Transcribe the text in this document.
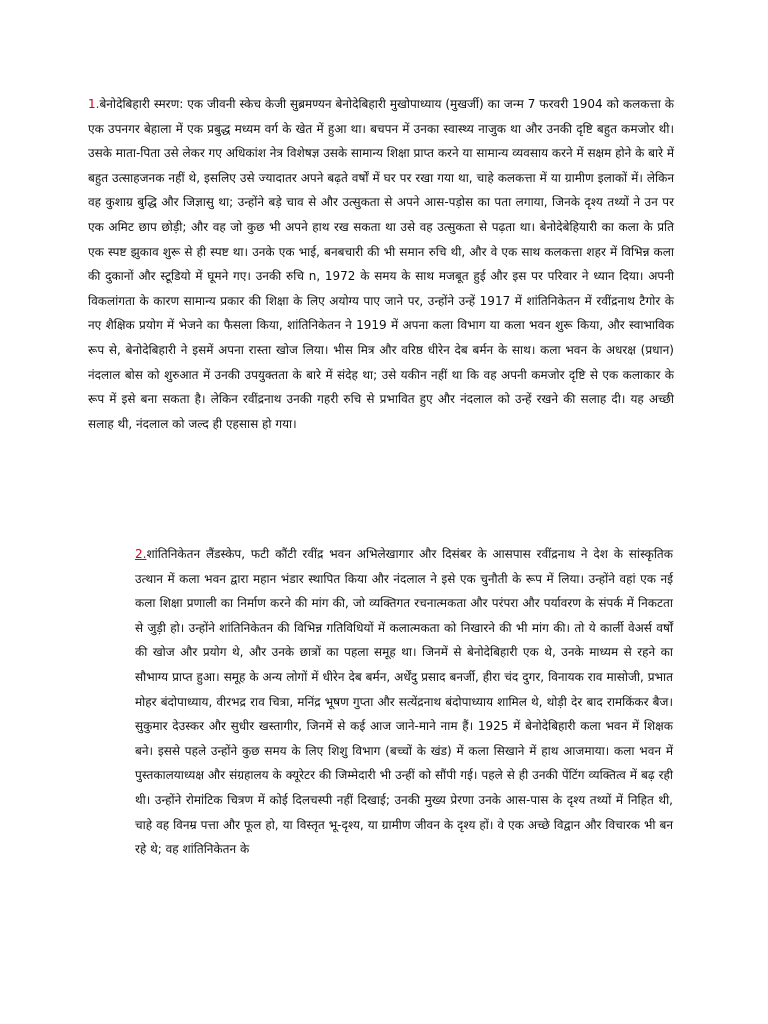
1.बेनोदेबिहारी स्मरण: एक जीवनी स्केच केजी सुब्रमण्यन बेनोदेबिहारी मुखोपाध्याय (मुखर्जी) का जन्म 7 फरवरी 1904 को कलकत्ता के एक उपनगर बेहाला में एक प्रबुद्ध मध्यम वर्ग के खेत में हुआ था। बचपन में उनका स्वास्थ्य नाजुक था और उनकी दृष्टि बहुत कमजोर थी। उसके माता-पिता उसे लेकर गए अधिकांश नेत्र विशेषज्ञ उसके सामान्य शिक्षा प्राप्त करने या सामान्य व्यवसाय करने में सक्षम होने के बारे में बहुत उत्साहजनक नहीं थे, इसलिए उसे ज्यादातर अपने बढ़ते वर्षों में घर पर रखा गया था, चाहे कलकत्ता में या ग्रामीण इलाकों में। लेकिन वह कुशाग्र बुद्धि और जिज्ञासु था; उन्होंने बड़े चाव से और उत्सुकता से अपने आस-पड़ोस का पता लगाया, जिनके दृश्य तथ्यों ने उन पर एक अमिट छाप छोड़ी; और वह जो कुछ भी अपने हाथ रख सकता था उसे वह उत्सुकता से पढ़ता था। बेनोदेबेहियारी का कला के प्रति एक स्पष्ट झुकाव शुरू से ही स्पष्ट था। उनके एक भाई, बनबचारी की भी समान रुचि थी, और वे एक साथ कलकत्ता शहर में विभिन्न कला की दुकानों और स्टूडियो में घूमने गए। उनकी रुचि n, 1972 के समय के साथ मजबूत हुई और इस पर परिवार ने ध्यान दिया। अपनी विकलांगता के कारण सामान्य प्रकार की शिक्षा के लिए अयोग्य पाए जाने पर, उन्होंने उन्हें 1917 में शांतिनिकेतन में रवींद्रनाथ टैगोर के नए शैक्षिक प्रयोग में भेजने का फैसला किया, शांतिनिकेतन ने 1919 में अपना कला विभाग या कला भवन शुरू किया, और स्वाभाविक रूप से, बेनोदेबिहारी ने इसमें अपना रास्ता खोज लिया। भीस मित्र और वरिष्ठ धीरेन देब बर्मन के साथ। कला भवन के अधरक्ष (प्रधान) नंदलाल बोस को शुरुआत में उनकी उपयुक्तता के बारे में संदेह था; उसे यकीन नहीं था कि वह अपनी कमजोर दृष्टि से एक कलाकार के रूप में इसे बना सकता है। लेकिन रवींद्रनाथ उनकी गहरी रुचि से प्रभावित हुए और नंदलाल को उन्हें रखने की सलाह दी। यह अच्छी सलाह थी, नंदलाल को जल्द ही एहसास हो गया।

2.शांतिनिकेतन लैंडस्केप, फटी कौंटी रवींद्र भवन अभिलेखागार और दिसंबर के आसपास रवींद्रनाथ ने देश के सांस्कृतिक उत्थान में कला भवन द्वारा महान भंडार स्थापित किया और नंदलाल ने इसे एक चुनौती के रूप में लिया। उन्होंने वहां एक नई कला शिक्षा प्रणाली का निर्माण करने की मांग की, जो व्यक्तिगत रचनात्मकता और परंपरा और पर्यावरण के संपर्क में निकटता से जुड़ी हो। उन्होंने शांतिनिकेतन की विभिन्न गतिविधियों में कलात्मकता को निखारने की भी मांग की। तो ये कार्ली वेअर्स वर्षों की खोज और प्रयोग थे, और उनके छात्रों का पहला समूह था। जिनमें से बेनोदेबिहारी एक थे, उनके माध्यम से रहने का सौभाग्य प्राप्त हुआ। समूह के अन्य लोगों में धीरेन देब बर्मन, अर्धेंदु प्रसाद बनर्जी, हीरा चंद दुगर, विनायक राव मासोजी, प्रभात मोहर बंदोपाध्याय, वीरभद्र राव चित्रा, मनिंद्र भूषण गुप्ता और सत्येंद्रनाथ बंदोपाध्याय शामिल थे, थोड़ी देर बाद रामकिंकर बैज। सुकुमार देउस्कर और सुधीर खस्तागीर, जिनमें से कई आज जाने-माने नाम हैं। 1925 में बेनोदेबिहारी कला भवन में शिक्षक बने। इससे पहले उन्होंने कुछ समय के लिए शिशु विभाग (बच्चों के खंड) में कला सिखाने में हाथ आजमाया। कला भवन में पुस्तकालयाध्यक्ष और संग्रहालय के क्यूरेटर की जिम्मेदारी भी उन्हीं को सौंपी गई। पहले से ही उनकी पेंटिंग व्यक्तित्व में बढ़ रही थी। उन्होंने रोमांटिक चित्रण में कोई दिलचस्पी नहीं दिखाई; उनकी मुख्य प्रेरणा उनके आस-पास के दृश्य तथ्यों में निहित थी, चाहे वह विनम्र पत्ता और फूल हो, या विस्तृत भू-दृश्य, या ग्रामीण जीवन के दृश्य हों। वे एक अच्छे विद्वान और विचारक भी बन रहे थे; वह शांतिनिकेतन के
